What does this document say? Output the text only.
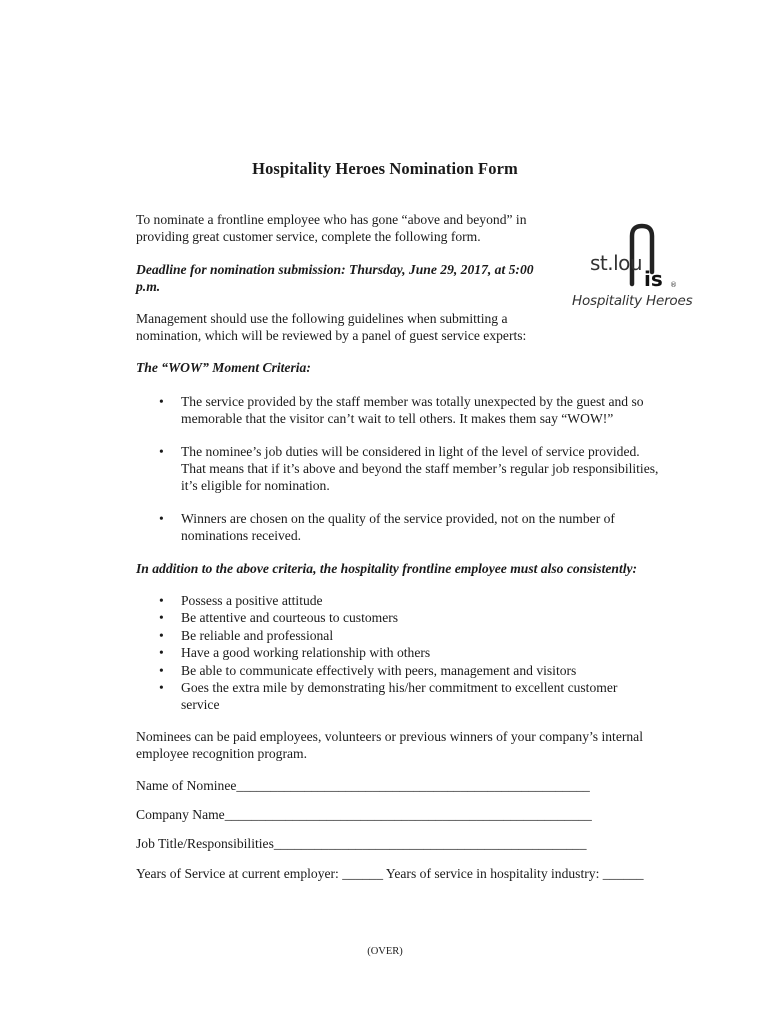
Hospitality Heroes Nomination Form
To nominate a frontline employee who has gone “above and beyond” in providing great customer service, complete the following form.
Deadline for nomination submission: Thursday, June 29, 2017, at 5:00 p.m.
Management should use the following guidelines when submitting a nomination, which will be reviewed by a panel of guest service experts:
The “WOW” Moment Criteria:
• The service provided by the staff member was totally unexpected by the guest and so memorable that the visitor can’t wait to tell others. It makes them say “WOW!”
• The nominee’s job duties will be considered in light of the level of service provided. That means that if it’s above and beyond the staff member’s regular job responsibilities, it’s eligible for nomination.
• Winners are chosen on the quality of the service provided, not on the number of nominations received.
In addition to the above criteria, the hospitality frontline employee must also consistently:
• Possess a positive attitude
• Be attentive and courteous to customers
• Be reliable and professional
• Have a good working relationship with others
• Be able to communicate effectively with peers, management and visitors
• Goes the extra mile by demonstrating his/her commitment to excellent customer service
Nominees can be paid employees, volunteers or previous winners of your company’s internal employee recognition program.
Name of Nominee____________________________________________________
Company Name______________________________________________________
Job Title/Responsibilities______________________________________________
Years of Service at current employer: ______ Years of service in hospitality industry: ______
(OVER)
st.lou
is ®
Hospitality Heroes
